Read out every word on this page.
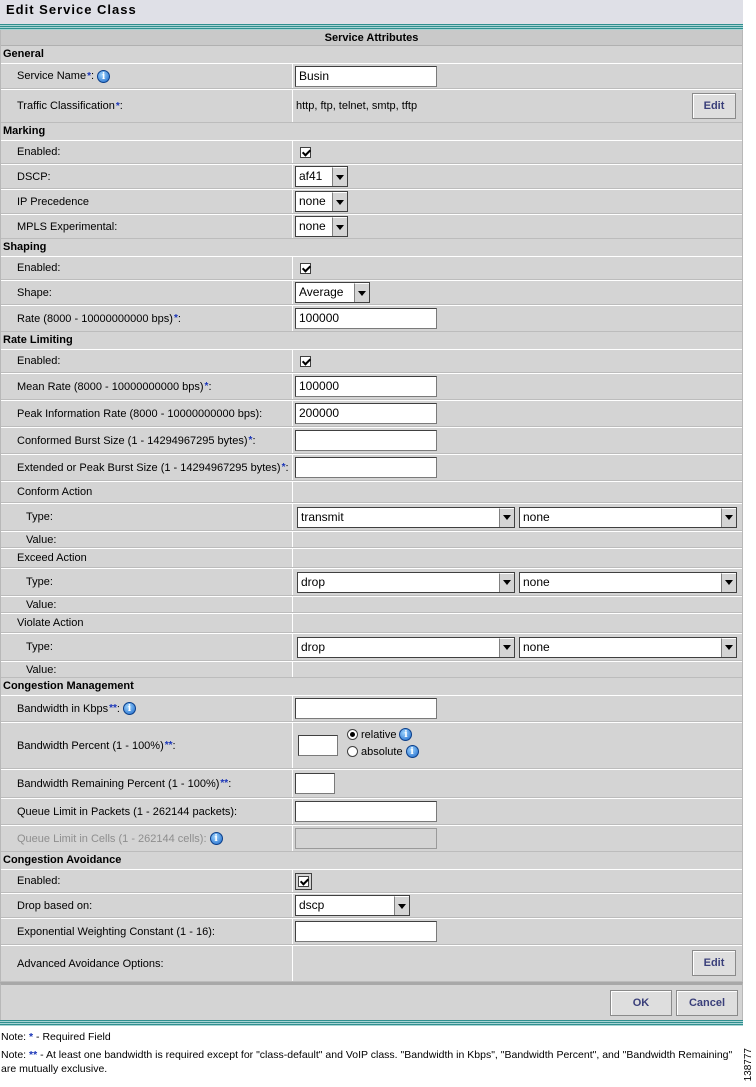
Edit Service Class
Service Attributes
General
Service Name * : i	Busin
Traffic Classification * :	http, ftp, telnet, smtp, tftp	Edit
Marking
Enabled:
DSCP:	af41
IP Precedence	none
MPLS Experimental:	none
Shaping
Enabled:
Shape:	Average
Rate (8000 - 10000000000 bps) * :	100000
Rate Limiting
Enabled:
Mean Rate (8000 - 10000000000 bps) * :	100000
Peak Information Rate (8000 - 10000000000 bps):	200000
Conformed Burst Size (1 - 14294967295 bytes) * :
Extended or Peak Burst Size (1 - 14294967295 bytes) * :
Conform Action
Type:	transmit	none
Value:
Exceed Action
Type:	drop	none
Value:
Violate Action
Type:	drop	none
Value:
Congestion Management
Bandwidth in Kbps ** : i
Bandwidth Percent (1 - 100%) ** :
relative i
absolute i
Bandwidth Remaining Percent (1 - 100%) ** :
Queue Limit in Packets (1 - 262144 packets):
Queue Limit in Cells (1 - 262144 cells): i
Congestion Avoidance
Enabled:
Drop based on:	dscp
Exponential Weighting Constant (1 - 16):
Advanced Avoidance Options:	Edit
OK	Cancel
Note: * - Required Field
Note: ** - At least one bandwidth is required except for "class-default" and VoIP class. "Bandwidth in Kbps", "Bandwidth Percent", and "Bandwidth Remaining" are mutually exclusive.	138777
